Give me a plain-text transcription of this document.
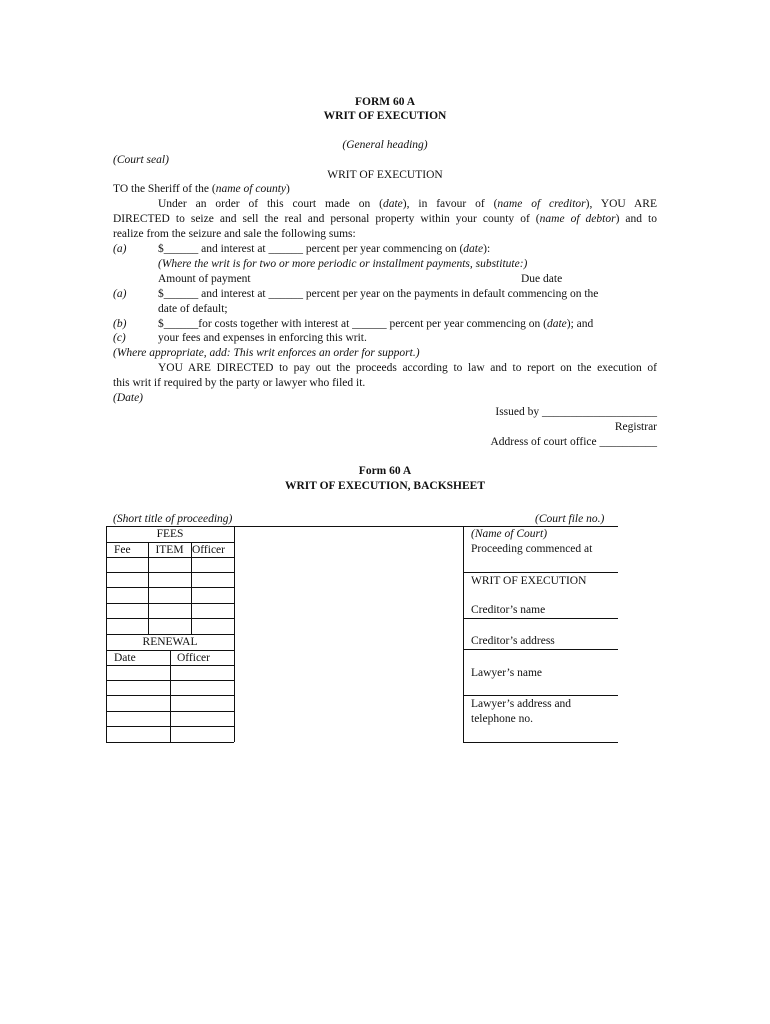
FORM 60 A
WRIT OF EXECUTION
(General heading)
(Court seal)
WRIT OF EXECUTION
TO the Sheriff of the (name of county)
Under an order of this court made on (date), in favour of (name of creditor), YOU ARE
DIRECTED to seize and sell the real and personal property within your county of (name of debtor) and to
realize from the seizure and sale the following sums:
(a)	$______ and interest at ______ percent per year commencing on (date):
(Where the writ is for two or more periodic or installment payments, substitute:)
Amount of payment	Due date
(a)	$______ and interest at ______ percent per year on the payments in default commencing on the
date of default;
(b)	$______for costs together with interest at ______ percent per year commencing on (date); and
(c)	your fees and expenses in enforcing this writ.
(Where appropriate, add: This writ enforces an order for support.)
YOU ARE DIRECTED to pay out the proceeds according to law and to report on the execution of
this writ if required by the party or lawyer who filed it.
(Date)
Issued by ____________________
Registrar
Address of court office __________
Form 60 A
WRIT OF EXECUTION, BACKSHEET
(Short title of proceeding)	(Court file no.)
FEES
Fee	ITEM Officer
RENEWAL
Date	Officer
(Name of Court)
Proceeding commenced at
WRIT OF EXECUTION
Creditor’s name
Creditor’s address
Lawyer’s name
Lawyer’s address and
telephone no.
